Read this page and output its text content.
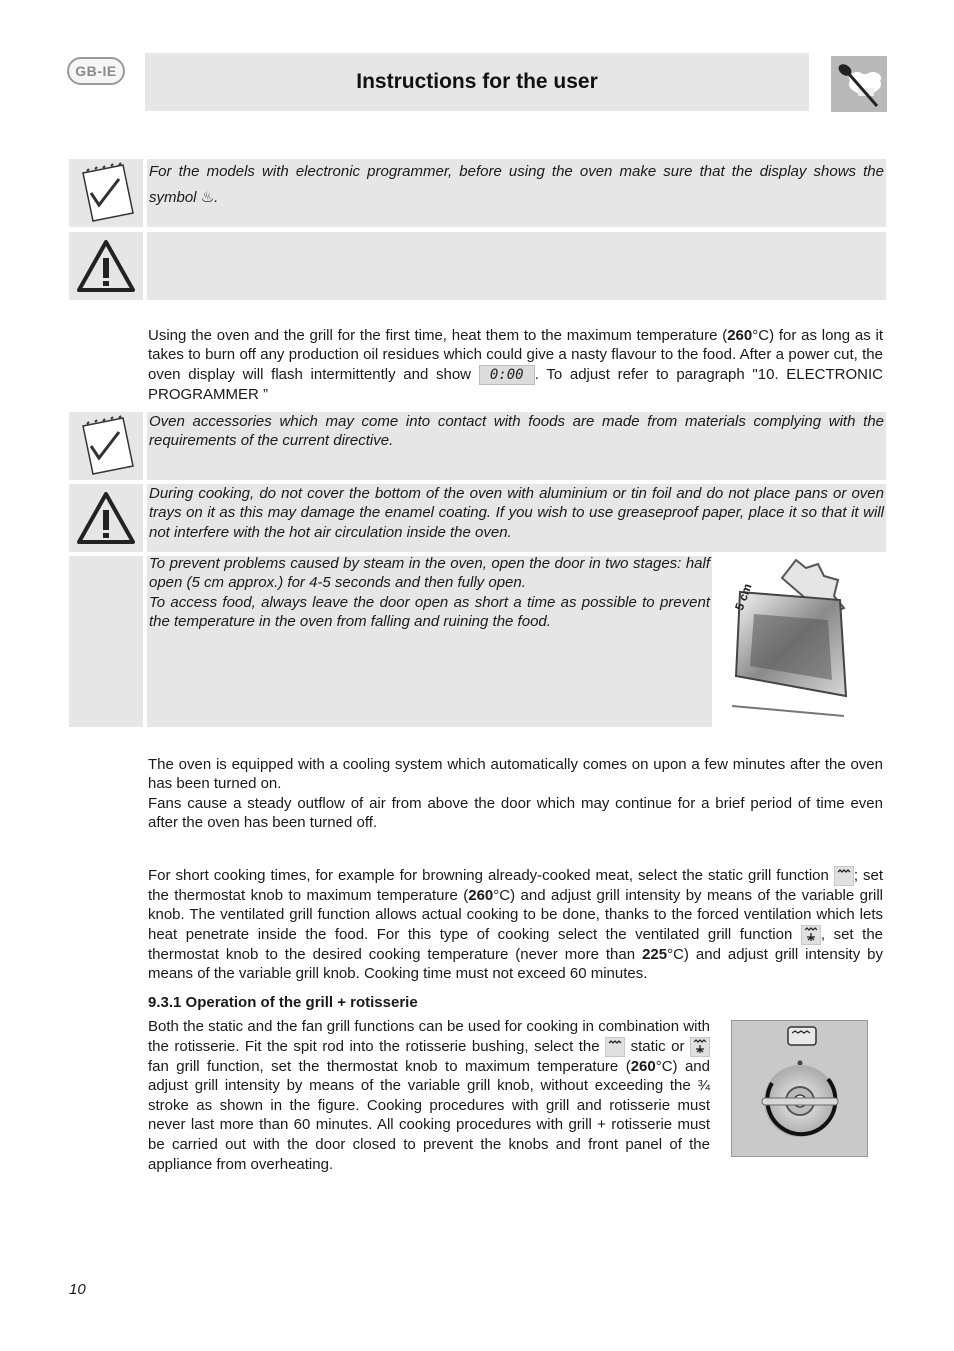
GB-IE	Instructions for the user

For the models with electronic programmer, before using the oven make sure that the display shows the symbol ♨.

Using the oven and the grill for the first time, heat them to the maximum temperature (260°C) for as long as it takes to burn off any production oil residues which could give a nasty flavour to the food. After a power cut, the oven display will flash intermittently and show 0:00 . To adjust refer to paragraph "10. ELECTRONIC PROGRAMMER ”

Oven accessories which may come into contact with foods are made from materials complying with the requirements of the current directive.

During cooking, do not cover the bottom of the oven with aluminium or tin foil and do not place pans or oven trays on it as this may damage the enamel coating. If you wish to use greaseproof paper, place it so that it will not interfere with the hot air circulation inside the oven.

To prevent problems caused by steam in the oven, open the door in two stages: half open (5 cm approx.) for 4-5 seconds and then fully open.

To access food, always leave the door open as short a time as possible to prevent the temperature in the oven from falling and ruining the food.

5 cm

The oven is equipped with a cooling system which automatically comes on upon a few minutes after the oven has been turned on.

Fans cause a steady outflow of air from above the door which may continue for a brief period of time even after the oven has been turned off.

For short cooking times, for example for browning already-cooked meat, select the static grill function ; set the thermostat knob to maximum temperature (260°C) and adjust grill intensity by means of the variable grill knob. The ventilated grill function allows actual cooking to be done, thanks to the forced ventilation which lets heat penetrate inside the food. For this type of cooking select the ventilated grill function , set the thermostat knob to the desired cooking temperature (never more than 225°C) and adjust grill intensity by means of the variable grill knob. Cooking time must not exceed 60 minutes.

9.3.1 Operation of the grill + rotisserie

Both the static and the fan grill functions can be used for cooking in combination with the rotisserie. Fit the spit rod into the rotisserie bushing, select the static or  fan grill function, set the thermostat knob to maximum temperature (260°C) and adjust grill intensity by means of the variable grill knob, without exceeding the ¾ stroke as shown in the figure. Cooking procedures with grill and rotisserie must never last more than 60 minutes. All cooking procedures with grill + rotisserie must be carried out with the door closed to prevent the knobs and front panel of the appliance from overheating.

10
